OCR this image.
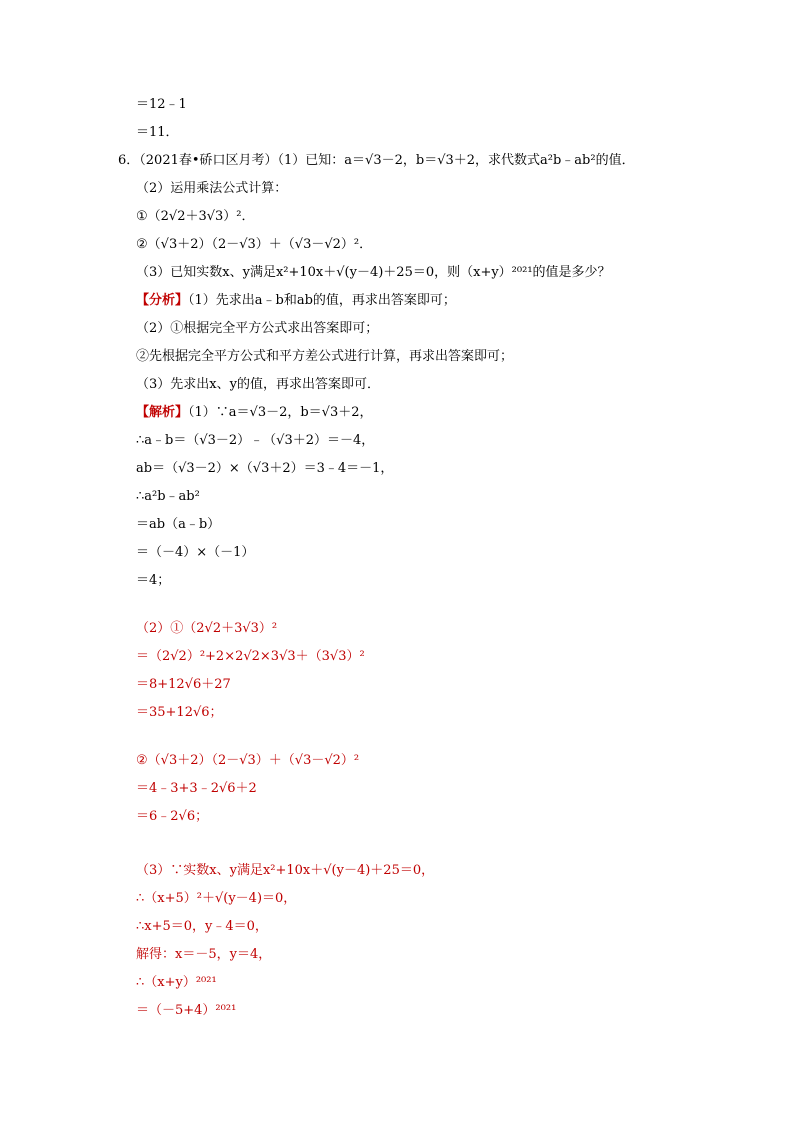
＝12﹣1
＝11．
6．（2021春•硚口区月考）（1）已知：a＝√3－2，b＝√3＋2，求代数式a²b﹣ab²的值．
（2）运用乘法公式计算：
①（2√2＋3√3）²．
②（√3＋2）（2－√3）＋（√3－√2）²．
（3）已知实数x、y满足x²+10x＋√(y－4)＋25＝0，则（x+y）²⁰²¹的值是多少？
【分析】（1）先求出a﹣b和ab的值，再求出答案即可；
（2）①根据完全平方公式求出答案即可；
②先根据完全平方公式和平方差公式进行计算，再求出答案即可；
（3）先求出x、y的值，再求出答案即可．
【解析】（1）∵a＝√3－2，b＝√3＋2，
∴a﹣b＝（√3－2）﹣（√3＋2）＝－4，
ab＝（√3－2）×（√3＋2）＝3﹣4＝－1，
∴a²b﹣ab²
＝ab（a﹣b）
＝（－4）×（－1）
＝4；
（2）①（2√2＋3√3）²
＝（2√2）²+2×2√2×3√3＋（3√3）²
＝8+12√6＋27
＝35+12√6；
②（√3＋2）（2－√3）＋（√3－√2）²
＝4﹣3+3﹣2√6＋2
＝6﹣2√6；
（3）∵实数x、y满足x²+10x＋√(y－4)＋25＝0，
∴（x+5）²＋√(y－4)＝0，
∴x+5＝0，y﹣4＝0，
解得：x＝－5，y＝4，
∴（x+y）²⁰²¹
＝（－5+4）²⁰²¹
